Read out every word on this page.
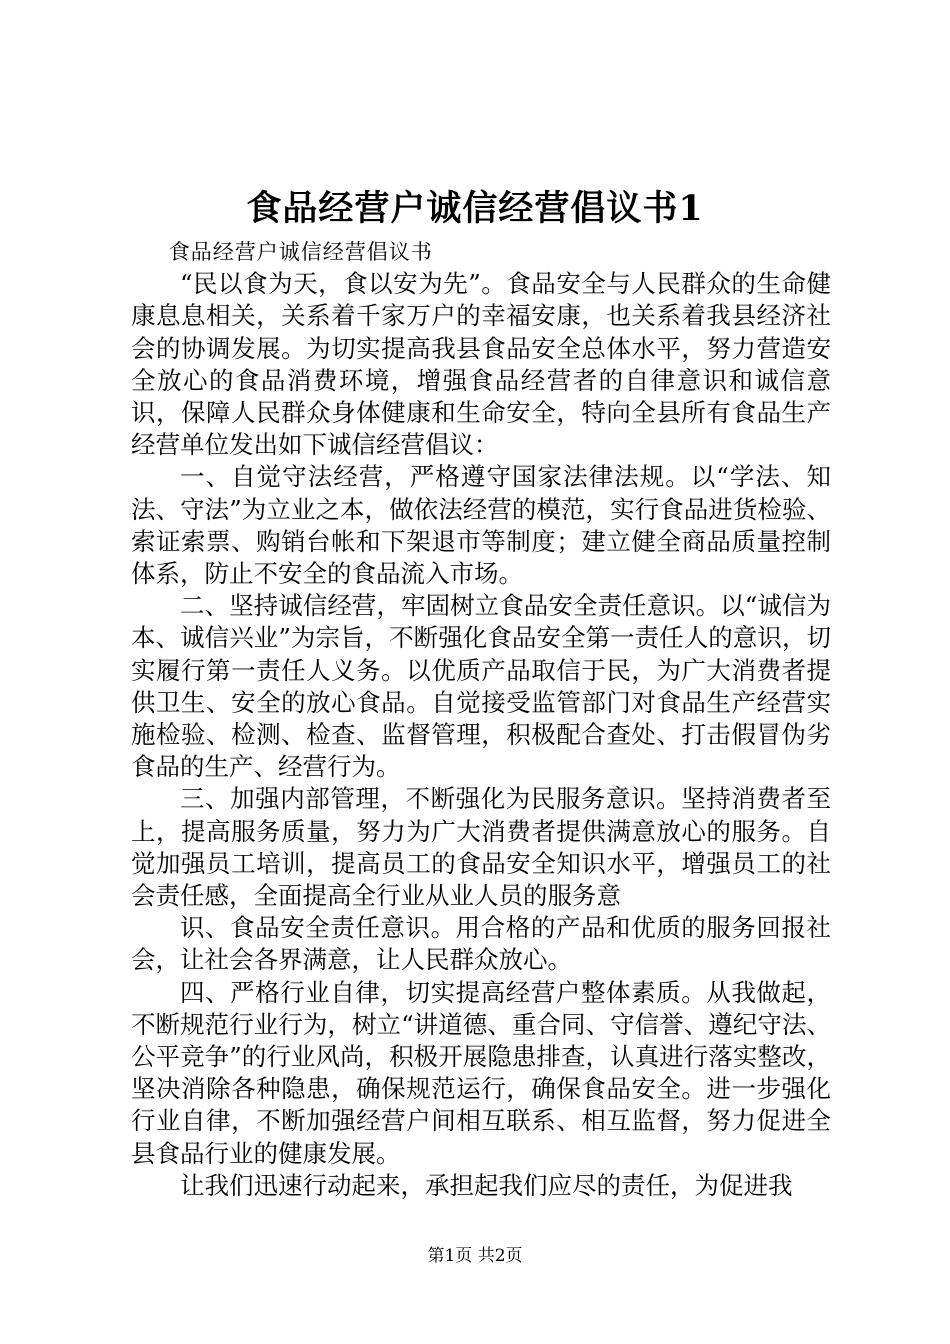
食品经营户诚信经营倡议书1

食品经营户诚信经营倡议书

“民以食为天，食以安为先”。食品安全与人民群众的生命健康息息相关，关系着千家万户的幸福安康，也关系着我县经济社会的协调发展。为切实提高我县食品安全总体水平，努力营造安全放心的食品消费环境，增强食品经营者的自律意识和诚信意识，保障人民群众身体健康和生命安全，特向全县所有食品生产经营单位发出如下诚信经营倡议：

一、自觉守法经营，严格遵守国家法律法规。以“学法、知法、守法”为立业之本，做依法经营的模范，实行食品进货检验、索证索票、购销台帐和下架退市等制度；建立健全商品质量控制体系，防止不安全的食品流入市场。

二、坚持诚信经营，牢固树立食品安全责任意识。以“诚信为本、诚信兴业”为宗旨，不断强化食品安全第一责任人的意识，切实履行第一责任人义务。以优质产品取信于民，为广大消费者提供卫生、安全的放心食品。自觉接受监管部门对食品生产经营实施检验、检测、检查、监督管理，积极配合查处、打击假冒伪劣食品的生产、经营行为。

三、加强内部管理，不断强化为民服务意识。坚持消费者至上，提高服务质量，努力为广大消费者提供满意放心的服务。自觉加强员工培训，提高员工的食品安全知识水平，增强员工的社会责任感，全面提高全行业从业人员的服务意

识、食品安全责任意识。用合格的产品和优质的服务回报社会，让社会各界满意，让人民群众放心。

四、严格行业自律，切实提高经营户整体素质。从我做起，不断规范行业行为，树立“讲道德、重合同、守信誉、遵纪守法、公平竞争”的行业风尚，积极开展隐患排查，认真进行落实整改，坚决消除各种隐患，确保规范运行，确保食品安全。进一步强化行业自律，不断加强经营户间相互联系、相互监督，努力促进全县食品行业的健康发展。

让我们迅速行动起来，承担起我们应尽的责任，为促进我

第1页 共2页
